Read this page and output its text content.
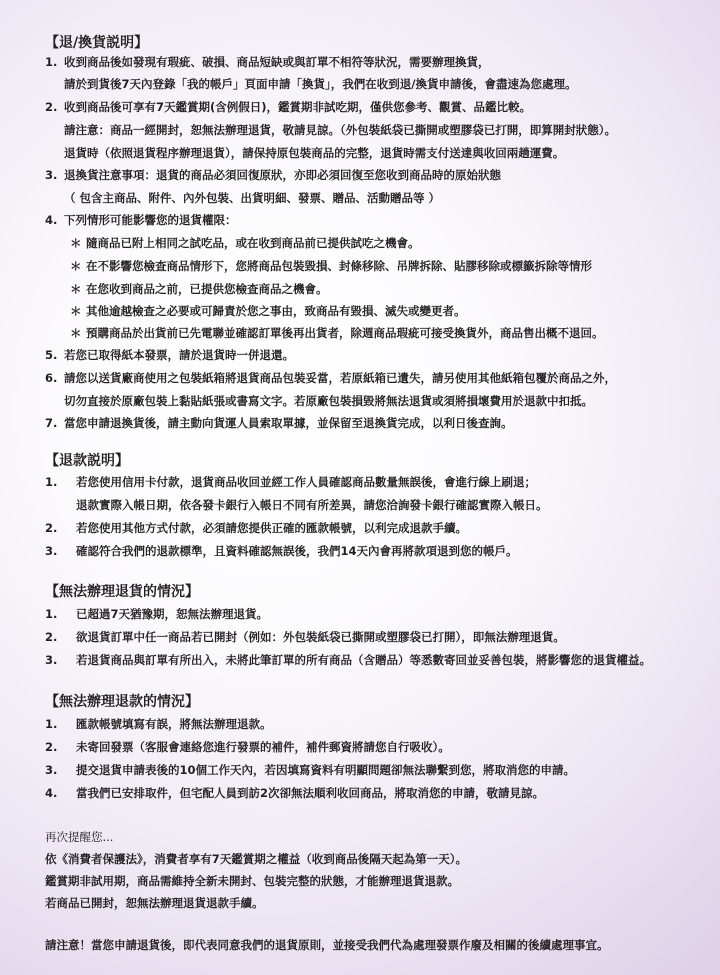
【退/換貨説明】
1. 收到商品後如發現有瑕疵、破損、商品短缺或與訂單不相符等狀況，需要辦理換貨，
請於到貨後7天內登錄「我的帳戶」頁面申請「換貨」，我們在收到退/換貨申請後，會盡速為您處理。
2. 收到商品後可享有7天鑑賞期(含例假日)，鑑賞期非試吃期，僅供您參考、觀賞、品鑑比較。
請注意：商品一經開封，恕無法辦理退貨，敬請見諒。（外包裝紙袋已撕開或塑膠袋已打開，即算開封狀態）。
退貨時（依照退貨程序辦理退貨），請保持原包裝商品的完整，退貨時需支付送達與收回兩趟運費。
3. 退換貨注意事項：退貨的商品必須回復原狀，亦即必須回復至您收到商品時的原始狀態
（ 包含主商品、附件、內外包裝、出貨明細、發票、贈品、活動贈品等 ）
4. 下列情形可能影響您的退貨權限：
＊ 隨商品已附上相同之試吃品，或在收到商品前已提供試吃之機會。
＊ 在不影響您檢查商品情形下，您將商品包裝毀損、封條移除、吊牌拆除、貼膠移除或標籤拆除等情形
＊ 在您收到商品之前，已提供您檢查商品之機會。
＊ 其他逾越檢查之必要或可歸責於您之事由，致商品有毀損、滅失或變更者。
＊ 預購商品於出貨前已先電聯並確認訂單後再出貨者，除週商品瑕疵可接受換貨外，商品售出概不退回。
5. 若您已取得紙本發票，請於退貨時一併退還。
6. 請您以送貨廠商使用之包裝紙箱將退貨商品包裝妥當，若原紙箱已遺失，請另使用其他紙箱包覆於商品之外，
切勿直接於原廠包裝上黏貼紙張或書寫文字。若原廠包裝損毀將無法退貨或須將損壞費用於退款中扣抵。
7. 當您申請退換貨後，請主動向貨運人員索取單據，並保留至退換貨完成，以利日後查詢。
【退款説明】
1. 若您使用信用卡付款，退貨商品收回並經工作人員確認商品數量無誤後，會進行線上刷退；
退款實際入帳日期，依各發卡銀行入帳日不同有所差異，請您洽詢發卡銀行確認實際入帳日。
2. 若您使用其他方式付款，必須請您提供正確的匯款帳號，以利完成退款手續。
3. 確認符合我們的退款標準，且資料確認無誤後，我們14天內會再將款項退到您的帳戶。
【無法辦理退貨的情況】
1. 已超過7天猶豫期，恕無法辦理退貨。
2. 欲退貨訂單中任一商品若已開封（例如：外包裝紙袋已撕開或塑膠袋已打開），即無法辦理退貨。
3. 若退貨商品與訂單有所出入，未將此筆訂單的所有商品（含贈品）等悉數寄回並妥善包裝，將影響您的退貨權益。
【無法辦理退款的情況】
1. 匯款帳號填寫有誤，將無法辦理退款。
2. 未寄回發票（客服會連絡您進行發票的補件，補件郵資將請您自行吸收）。
3. 提交退貨申請表後的10個工作天內，若因填寫資料有明顯問題卻無法聯繫到您，將取消您的申請。
4. 當我們已安排取件，但宅配人員到訪2次卻無法順利收回商品，將取消您的申請，敬請見諒。
再次提醒您...
依《消費者保護法》，消費者享有7天鑑賞期之權益（收到商品後隔天起為第一天）。
鑑賞期非試用期，商品需維持全新未開封、包裝完整的狀態，才能辦理退貨退款。
若商品已開封，恕無法辦理退貨退款手續。
請注意！當您申請退貨後，即代表同意我們的退貨原則，並接受我們代為處理發票作廢及相關的後續處理事宜。
